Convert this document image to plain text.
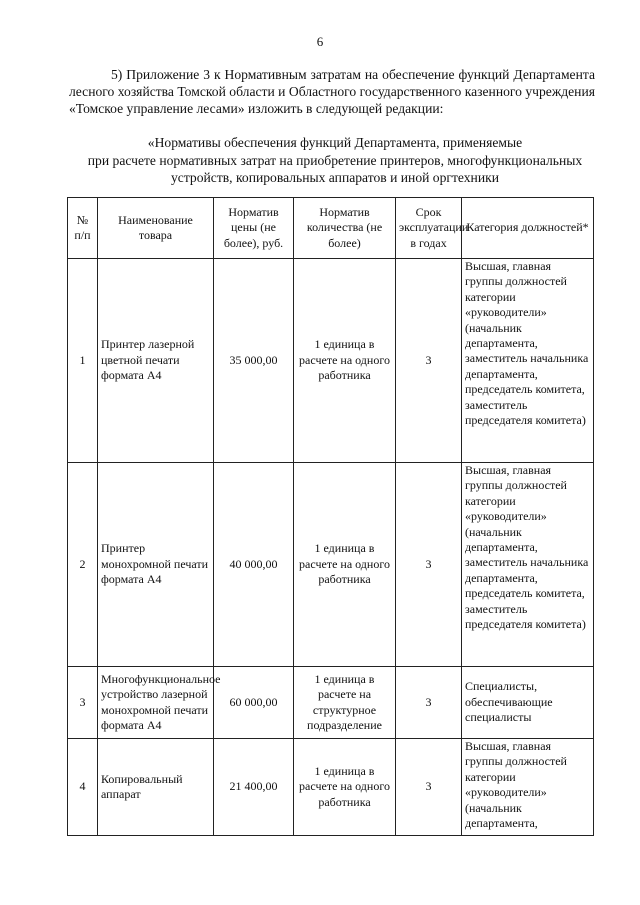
6
5) Приложение 3 к Нормативным затратам на обеспечение функций Департамента лесного хозяйства Томской области и Областного государственного казенного учреждения «Томское управление лесами» изложить в следующей редакции:
«Нормативы обеспечения функций Департамента, применяемые
при расчете нормативных затрат на приобретение принтеров, многофункциональных
устройств, копировальных аппаратов и иной оргтехники
№ п/п	Наименование товара	Норматив цены (не более), руб.	Норматив количества (не более)	Срок эксплуатации в годах	Категория должностей*
1	Принтер лазерной цветной печати формата А4	35 000,00	1 единица в расчете на одного работника	3	Высшая, главная группы должностей категории «руководители» (начальник департамента, заместитель начальника департамента, председатель комитета, заместитель председателя комитета)
2	Принтер монохромной печати формата А4	40 000,00	1 единица в расчете на одного работника	3	Высшая, главная группы должностей категории «руководители» (начальник департамента, заместитель начальника департамента, председатель комитета, заместитель председателя комитета)
3	Многофункциональное устройство лазерной монохромной печати формата А4	60 000,00	1 единица в расчете на структурное подразделение	3	Специалисты, обеспечивающие специалисты
4	Копировальный аппарат	21 400,00	1 единица в расчете на одного работника	3	Высшая, главная группы должностей категории «руководители» (начальник департамента,
